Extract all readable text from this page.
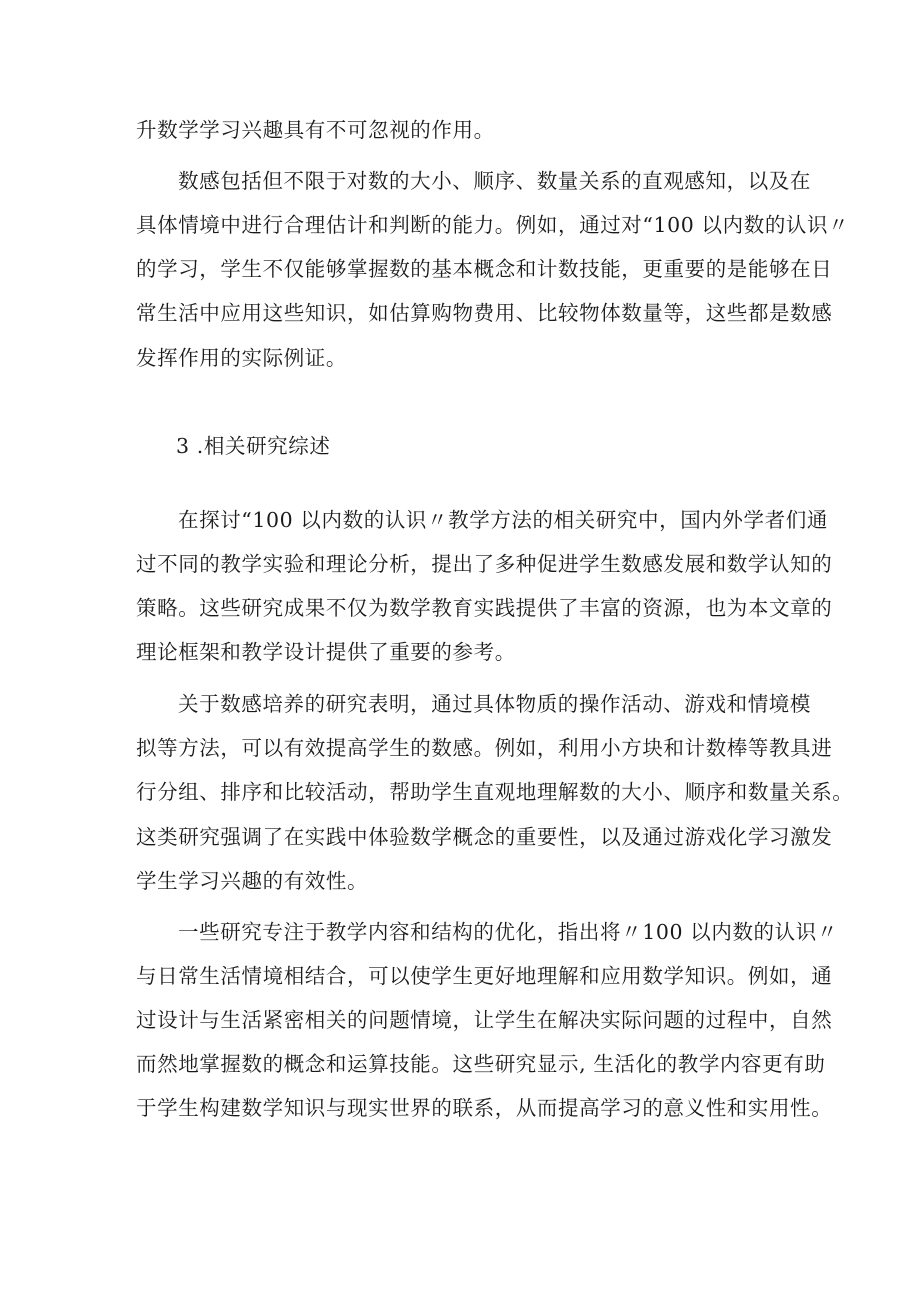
升数学学习兴趣具有不可忽视的作用。
数感包括但不限于对数的大小、顺序、数量关系的直观感知，以及在
具体情境中进行合理估计和判断的能力。例如，通过对“100 以内数的认识〃
的学习，学生不仅能够掌握数的基本概念和计数技能，更重要的是能够在日
常生活中应用这些知识，如估算购物费用、比较物体数量等，这些都是数感
发挥作用的实际例证。
3 .相关研究综述
在探讨“100 以内数的认识〃教学方法的相关研究中，国内外学者们通
过不同的教学实验和理论分析，提出了多种促进学生数感发展和数学认知的
策略。这些研究成果不仅为数学教育实践提供了丰富的资源，也为本文章的
理论框架和教学设计提供了重要的参考。
关于数感培养的研究表明，通过具体物质的操作活动、游戏和情境模
拟等方法，可以有效提高学生的数感。例如，利用小方块和计数棒等教具进
行分组、排序和比较活动，帮助学生直观地理解数的大小、顺序和数量关系。
这类研究强调了在实践中体验数学概念的重要性，以及通过游戏化学习激发
学生学习兴趣的有效性。
一些研究专注于教学内容和结构的优化，指出将〃100 以内数的认识〃
与日常生活情境相结合，可以使学生更好地理解和应用数学知识。例如，通
过设计与生活紧密相关的问题情境，让学生在解决实际问题的过程中，自然
而然地掌握数的概念和运算技能。这些研究显示, 生活化的教学内容更有助
于学生构建数学知识与现实世界的联系，从而提高学习的意义性和实用性。
